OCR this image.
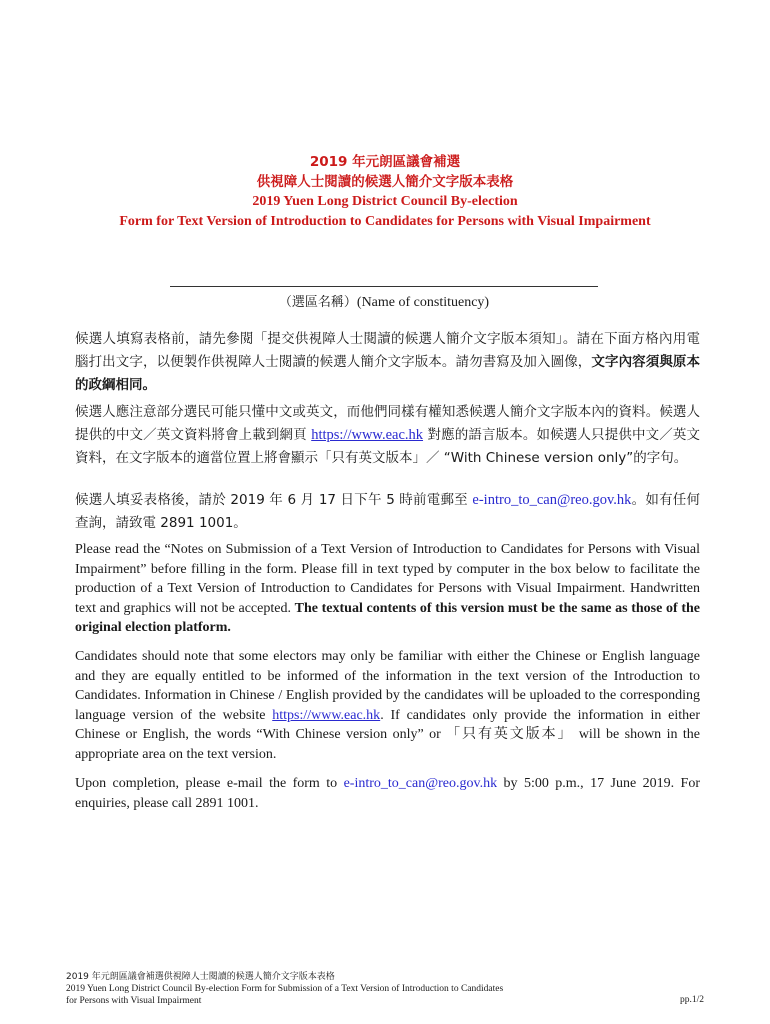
2019 年元朗區議會補選
供視障人士閱讀的候選人簡介文字版本表格
2019 Yuen Long District Council By-election
Form for Text Version of Introduction to Candidates for Persons with Visual Impairment
（選區名稱）(Name of constituency)
候選人填寫表格前，請先參閱「提交供視障人士閱讀的候選人簡介文字版本須知」。請在下面方格內用電腦打出文字，以便製作供視障人士閱讀的候選人簡介文字版本。請勿書寫及加入圖像，文字內容須與原本的政綱相同。
候選人應注意部分選民可能只懂中文或英文，而他們同樣有權知悉候選人簡介文字版本內的資料。候選人提供的中文／英文資料將會上載到網頁 https://www.eac.hk 對應的語言版本。如候選人只提供中文／英文資料，在文字版本的適當位置上將會顯示「只有英文版本」／ “With Chinese version only”的字句。
候選人填妥表格後，請於 2019 年 6 月 17 日下午 5 時前電郵至 e-intro_to_can@reo.gov.hk。如有任何查詢，請致電 2891 1001。
Please read the “Notes on Submission of a Text Version of Introduction to Candidates for Persons with Visual Impairment” before filling in the form. Please fill in text typed by computer in the box below to facilitate the production of a Text Version of Introduction to Candidates for Persons with Visual Impairment. Handwritten text and graphics will not be accepted. The textual contents of this version must be the same as those of the original election platform.
Candidates should note that some electors may only be familiar with either the Chinese or English language and they are equally entitled to be informed of the information in the text version of the Introduction to Candidates. Information in Chinese / English provided by the candidates will be uploaded to the corresponding language version of the website https://www.eac.hk. If candidates only provide the information in either Chinese or English, the words “With Chinese version only” or 「只有英文版本」 will be shown in the appropriate area on the text version.
Upon completion, please e-mail the form to e-intro_to_can@reo.gov.hk by 5:00 p.m., 17 June 2019. For enquiries, please call 2891 1001.
2019 年元朗區議會補選供視障人士閱讀的候選人簡介文字版本表格
2019 Yuen Long District Council By-election Form for Submission of a Text Version of Introduction to Candidates
for Persons with Visual Impairment	pp.1/2
